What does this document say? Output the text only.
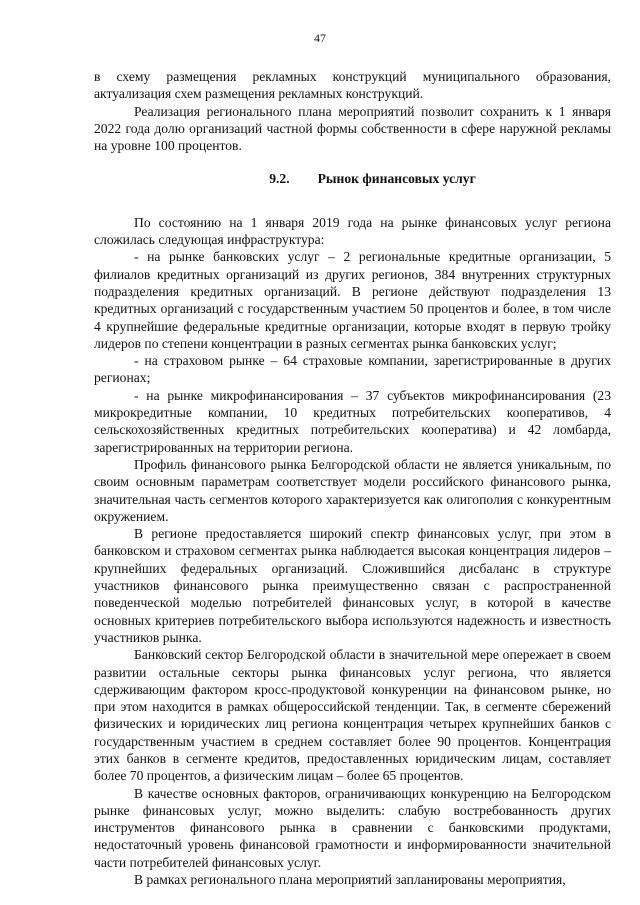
47

в схему размещения рекламных конструкций муниципального образования, актуализация схем размещения рекламных конструкций.

Реализация регионального плана мероприятий позволит сохранить к 1 января 2022 года долю организаций частной формы собственности в сфере наружной рекламы на уровне 100 процентов.

9.2. Рынок финансовых услуг

По состоянию на 1 января 2019 года на рынке финансовых услуг региона сложилась следующая инфраструктура:

- на рынке банковских услуг – 2 региональные кредитные организации, 5 филиалов кредитных организаций из других регионов, 384 внутренних структурных подразделения кредитных организаций. В регионе действуют подразделения 13 кредитных организаций с государственным участием 50 процентов и более, в том числе 4 крупнейшие федеральные кредитные организации, которые входят в первую тройку лидеров по степени концентрации в разных сегментах рынка банковских услуг;

- на страховом рынке – 64 страховые компании, зарегистрированные в других регионах;

- на рынке микрофинансирования – 37 субъектов микрофинансирования (23 микрокредитные компании, 10 кредитных потребительских кооперативов, 4 сельскохозяйственных кредитных потребительских кооператива) и 42 ломбарда, зарегистрированных на территории региона.

Профиль финансового рынка Белгородской области не является уникальным, по своим основным параметрам соответствует модели российского финансового рынка, значительная часть сегментов которого характеризуется как олигополия с конкурентным окружением.

В регионе предоставляется широкий спектр финансовых услуг, при этом в банковском и страховом сегментах рынка наблюдается высокая концентрация лидеров – крупнейших федеральных организаций. Сложившийся дисбаланс в структуре участников финансового рынка преимущественно связан с распространенной поведенческой моделью потребителей финансовых услуг, в которой в качестве основных критериев потребительского выбора используются надежность и известность участников рынка.

Банковский сектор Белгородской области в значительной мере опережает в своем развитии остальные секторы рынка финансовых услуг региона, что является сдерживающим фактором кросс-продуктовой конкуренции на финансовом рынке, но при этом находится в рамках общероссийской тенденции. Так, в сегменте сбережений физических и юридических лиц региона концентрация четырех крупнейших банков с государственным участием в среднем составляет более 90 процентов. Концентрация этих банков в сегменте кредитов, предоставленных юридическим лицам, составляет более 70 процентов, а физическим лицам – более 65 процентов.

В качестве основных факторов, ограничивающих конкуренцию на Белгородском рынке финансовых услуг, можно выделить: слабую востребованность других инструментов финансового рынка в сравнении с банковскими продуктами, недостаточный уровень финансовой грамотности и информированности значительной части потребителей финансовых услуг.

В рамках регионального плана мероприятий запланированы мероприятия,
